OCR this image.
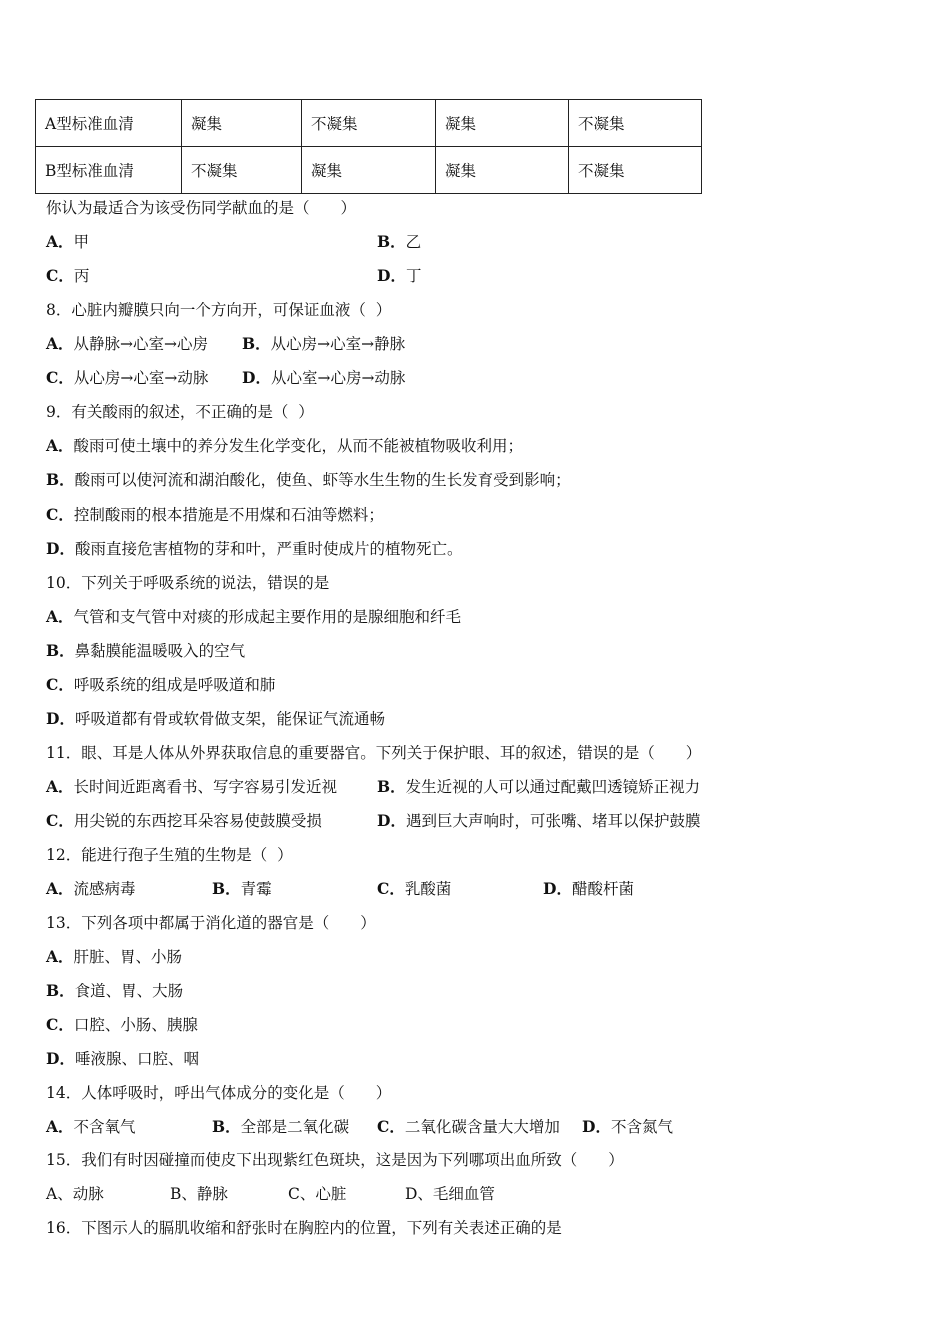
A型标准血清	凝集	不凝集	凝集	不凝集
B型标准血清	不凝集	凝集	凝集	不凝集
你认为最适合为该受伤同学献血的是（　　）
A．甲	B．乙
C．丙	D．丁
8．心脏内瓣膜只向一个方向开，可保证血液（  ）
A．从静脉→心室→心房 B．从心房→心室→静脉
C．从心房→心室→动脉 D．从心室→心房→动脉
9．有关酸雨的叙述，不正确的是（  ）
A．酸雨可使土壤中的养分发生化学变化，从而不能被植物吸收利用；
B．酸雨可以使河流和湖泊酸化，使鱼、虾等水生生物的生长发育受到影响；
C．控制酸雨的根本措施是不用煤和石油等燃料；
D．酸雨直接危害植物的芽和叶，严重时使成片的植物死亡。
10．下列关于呼吸系统的说法，错误的是
A．气管和支气管中对痰的形成起主要作用的是腺细胞和纤毛
B．鼻黏膜能温暖吸入的空气
C．呼吸系统的组成是呼吸道和肺
D．呼吸道都有骨或软骨做支架，能保证气流通畅
11．眼、耳是人体从外界获取信息的重要器官。下列关于保护眼、耳的叙述，错误的是（　　）
A．长时间近距离看书、写字容易引发近视	B．发生近视的人可以通过配戴凹透镜矫正视力
C．用尖锐的东西挖耳朵容易使鼓膜受损	D．遇到巨大声响时，可张嘴、堵耳以保护鼓膜
12．能进行孢子生殖的生物是（  ）
A．流感病毒	B．青霉	C．乳酸菌	D．醋酸杆菌
13．下列各项中都属于消化道的器官是（　　）
A．肝脏、胃、小肠
B．食道、胃、大肠
C．口腔、小肠、胰腺
D．唾液腺、口腔、咽
14．人体呼吸时，呼出气体成分的变化是（　　）
A．不含氧气	B．全部是二氧化碳 C．二氧化碳含量大大增加 D．不含氮气
15．我们有时因碰撞而使皮下出现紫红色斑块，这是因为下列哪项出血所致（　　）
A、动脉	B、静脉	C、心脏	D、毛细血管
16．下图示人的膈肌收缩和舒张时在胸腔内的位置，下列有关表述正确的是
